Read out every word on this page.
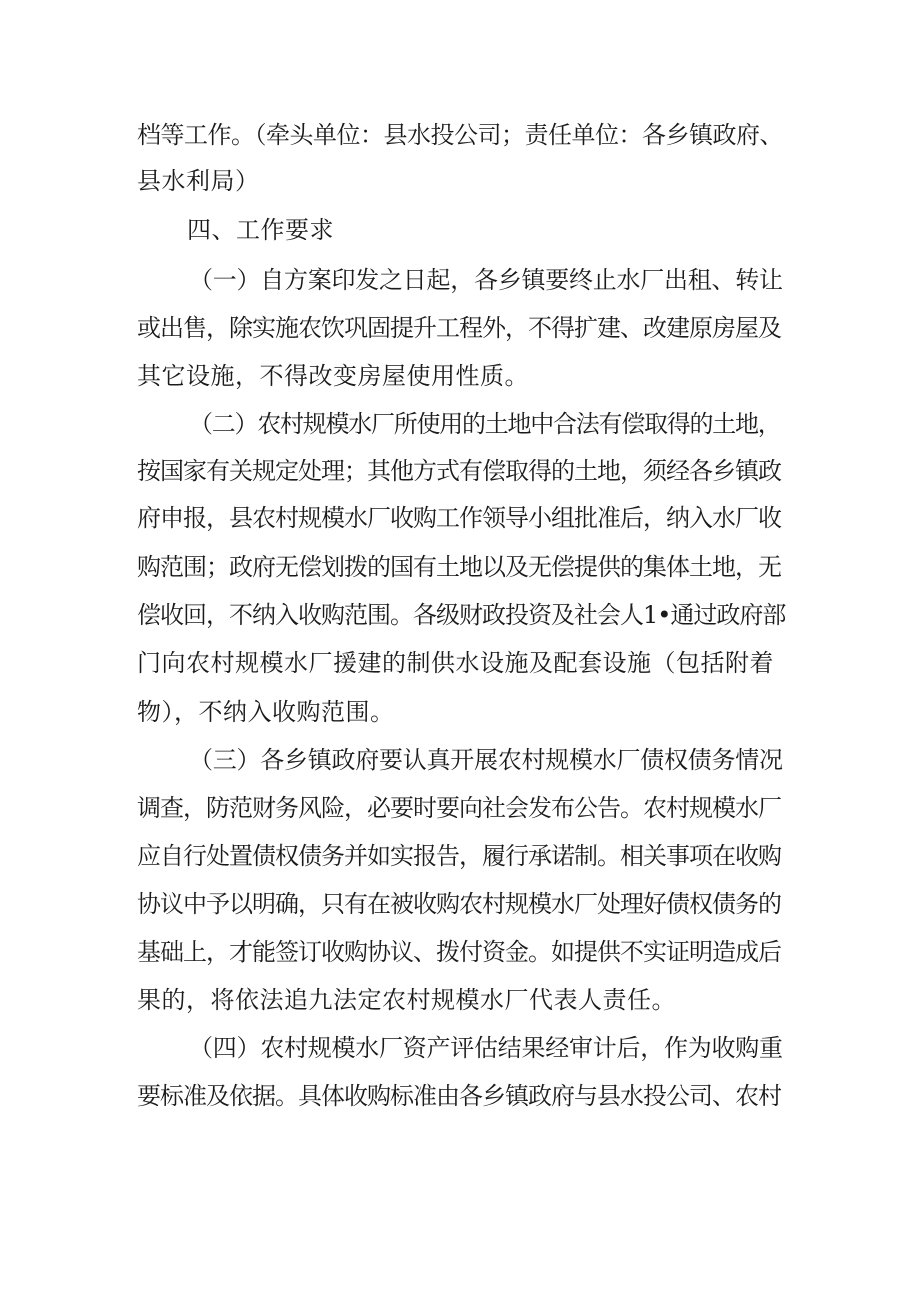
档等工作。（牵头单位：县水投公司；责任单位：各乡镇政府、
县水利局）
四、工作要求
（一）自方案印发之日起，各乡镇要终止水厂出租、转让
或出售，除实施农饮巩固提升工程外，不得扩建、改建原房屋及
其它设施，不得改变房屋使用性质。
（二）农村规模水厂所使用的土地中合法有偿取得的土地，
按国家有关规定处理；其他方式有偿取得的土地，须经各乡镇政
府申报，县农村规模水厂收购工作领导小组批准后，纳入水厂收
购范围；政府无偿划拨的国有土地以及无偿提供的集体土地，无
偿收回，不纳入收购范围。各级财政投资及社会人1•通过政府部
门向农村规模水厂援建的制供水设施及配套设施（包括附着
物），不纳入收购范围。
（三）各乡镇政府要认真开展农村规模水厂债权债务情况
调查，防范财务风险，必要时要向社会发布公告。农村规模水厂
应自行处置债权债务并如实报告，履行承诺制。相关事项在收购
协议中予以明确，只有在被收购农村规模水厂处理好债权债务的
基础上，才能签订收购协议、拨付资金。如提供不实证明造成后
果的，将依法追九法定农村规模水厂代表人责任。
（四）农村规模水厂资产评估结果经审计后，作为收购重
要标准及依据。具体收购标准由各乡镇政府与县水投公司、农村
